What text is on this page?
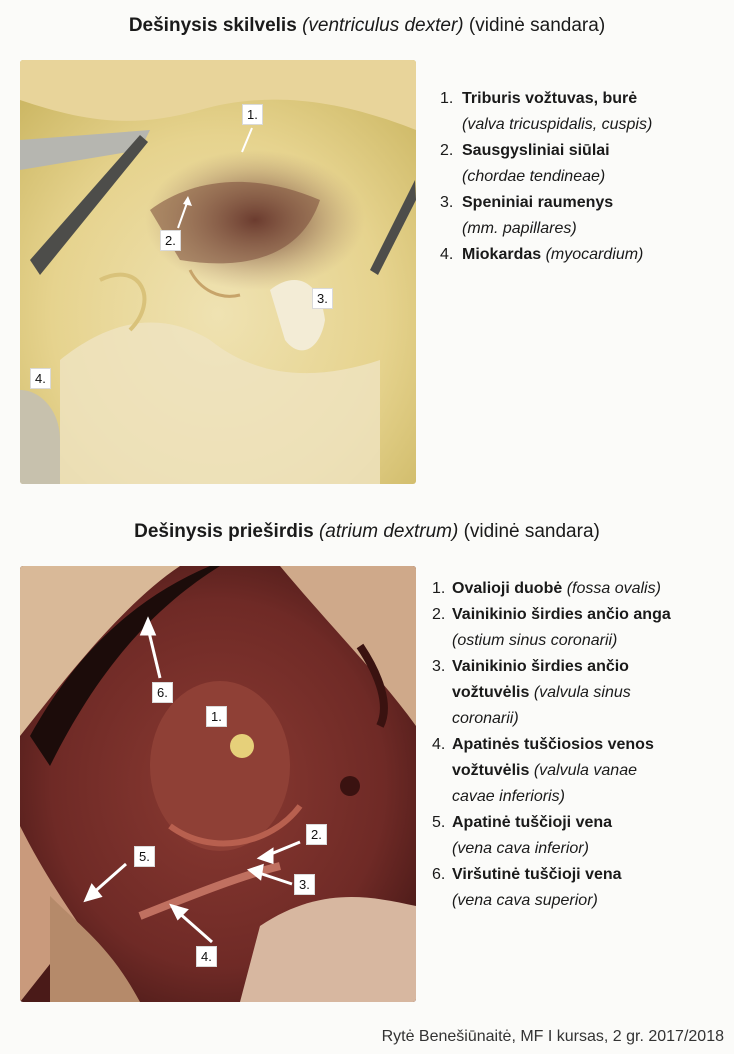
Dešinysis skilvelis (ventriculus dexter) (vidinė sandara)
1.
2.
3.
4.
1. Triburis vožtuvas, burė
(valva tricuspidalis, cuspis)
2. Sausgysliniai siūlai
(chordae tendineae)
3. Speniniai raumenys
(mm. papillares)
4. Miokardas (myocardium)
Dešinysis prieširdis (atrium dextrum) (vidinė sandara)
1.
2.
3.
4.
5.
6.
1. Ovalioji duobė (fossa ovalis)
2. Vainikinio širdies ančio anga
(ostium sinus coronarii)
3. Vainikinio širdies ančio
vožtuvėlis (valvula sinus
coronarii)
4. Apatinės tuščiosios venos
vožtuvėlis (valvula vanae
cavae inferioris)
5. Apatinė tuščioji vena
(vena cava inferior)
6. Viršutinė tuščioji vena
(vena cava superior)
Rytė Benešiūnaitė, MF I kursas, 2 gr. 2017/2018
